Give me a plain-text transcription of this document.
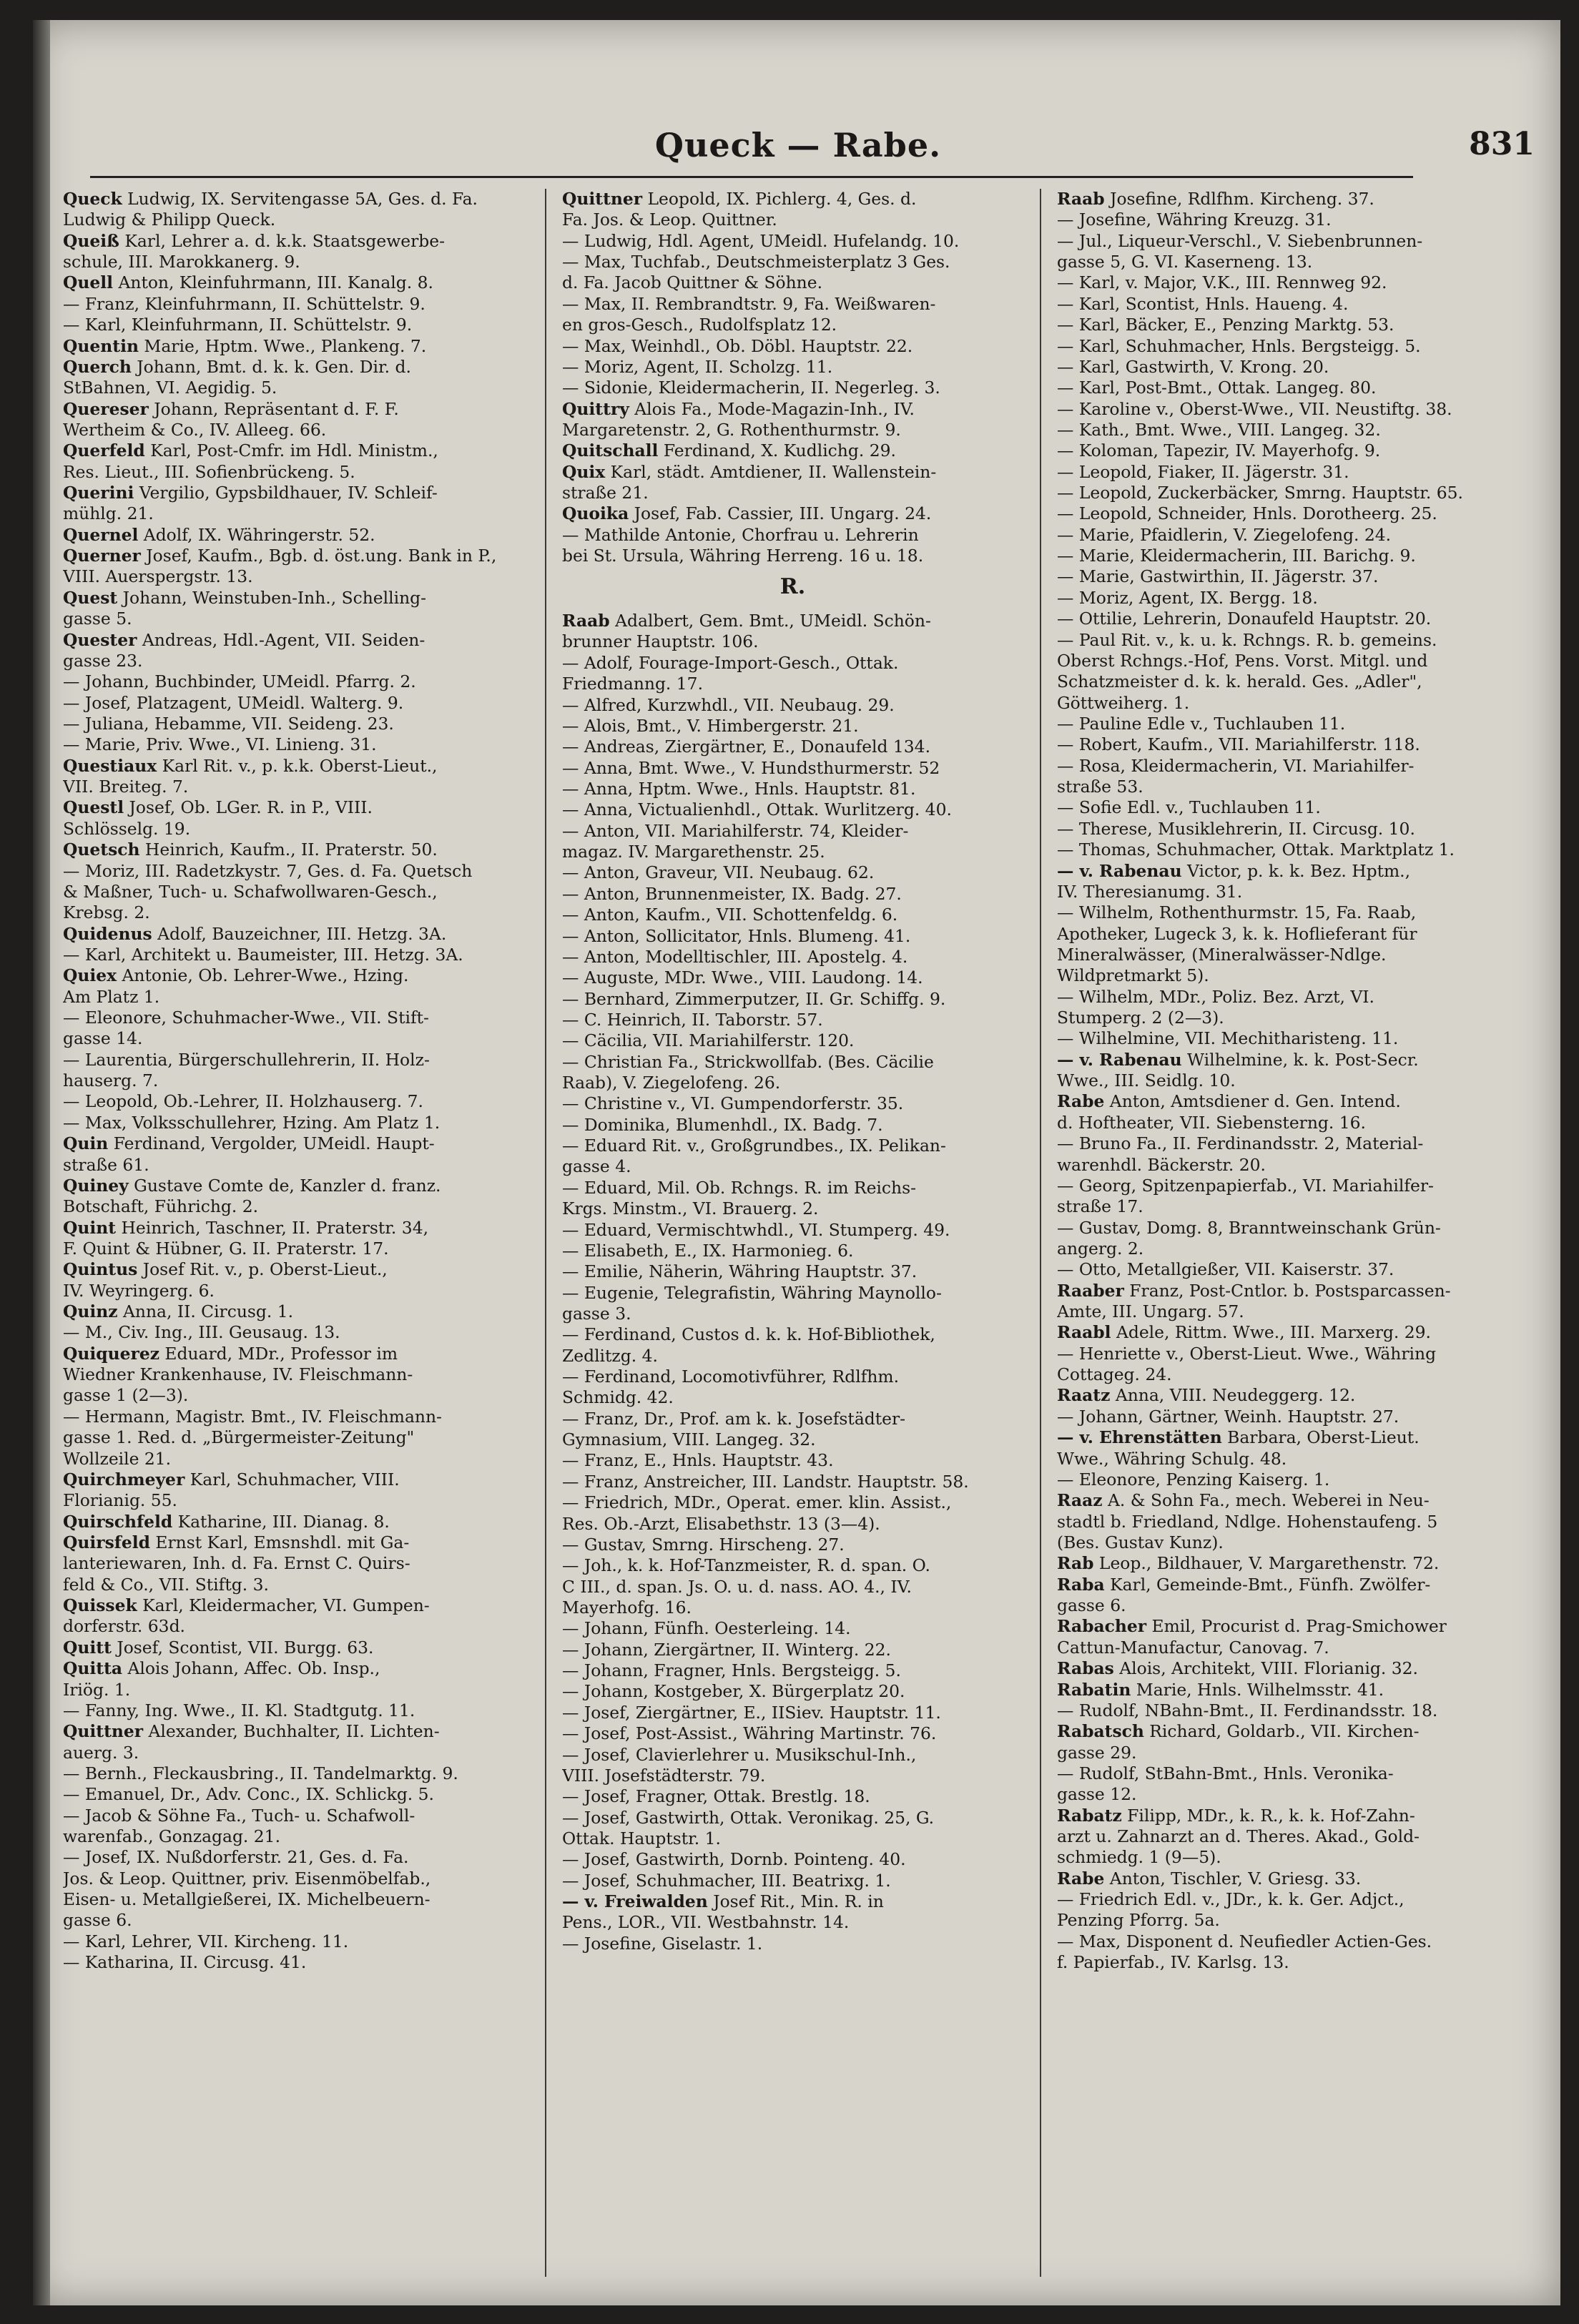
Queck — Rabe.	831
Queck Ludwig, IX. Servitengasse 5A, Ges. d. Fa.
Ludwig & Philipp Queck.
Queiß Karl, Lehrer a. d. k.k. Staatsgewerbe-
schule, III. Marokkanerg. 9.
Quell Anton, Kleinfuhrmann, III. Kanalg. 8.
— Franz, Kleinfuhrmann, II. Schüttelstr. 9.
— Karl, Kleinfuhrmann, II. Schüttelstr. 9.
Quentin Marie, Hptm. Wwe., Plankeng. 7.
Querch Johann, Bmt. d. k. k. Gen. Dir. d.
StBahnen, VI. Aegidig. 5.
Quereser Johann, Repräsentant d. F. F.
Wertheim & Co., IV. Alleeg. 66.
Querfeld Karl, Post-Cmfr. im Hdl. Ministm.,
Res. Lieut., III. Sofienbrückeng. 5.
Querini Vergilio, Gypsbildhauer, IV. Schleif-
mühlg. 21.
Quernel Adolf, IX. Währingerstr. 52.
Querner Josef, Kaufm., Bgb. d. öst.ung. Bank in P.,
VIII. Auerspergstr. 13.
Quest Johann, Weinstuben-Inh., Schelling-
gasse 5.
Quester Andreas, Hdl.-Agent, VII. Seiden-
gasse 23.
— Johann, Buchbinder, UMeidl. Pfarrg. 2.
— Josef, Platzagent, UMeidl. Walterg. 9.
— Juliana, Hebamme, VII. Seideng. 23.
— Marie, Priv. Wwe., VI. Linieng. 31.
Questiaux Karl Rit. v., p. k.k. Oberst-Lieut.,
VII. Breiteg. 7.
Questl Josef, Ob. LGer. R. in P., VIII.
Schlösselg. 19.
Quetsch Heinrich, Kaufm., II. Praterstr. 50.
— Moriz, III. Radetzkystr. 7, Ges. d. Fa. Quetsch
& Maßner, Tuch- u. Schafwollwaren-Gesch.,
Krebsg. 2.
Quidenus Adolf, Bauzeichner, III. Hetzg. 3A.
— Karl, Architekt u. Baumeister, III. Hetzg. 3A.
Quiex Antonie, Ob. Lehrer-Wwe., Hzing.
Am Platz 1.
— Eleonore, Schuhmacher-Wwe., VII. Stift-
gasse 14.
— Laurentia, Bürgerschullehrerin, II. Holz-
hauserg. 7.
— Leopold, Ob.-Lehrer, II. Holzhauserg. 7.
— Max, Volksschullehrer, Hzing. Am Platz 1.
Quin Ferdinand, Vergolder, UMeidl. Haupt-
straße 61.
Quiney Gustave Comte de, Kanzler d. franz.
Botschaft, Führichg. 2.
Quint Heinrich, Taschner, II. Praterstr. 34,
F. Quint & Hübner, G. II. Praterstr. 17.
Quintus Josef Rit. v., p. Oberst-Lieut.,
IV. Weyringerg. 6.
Quinz Anna, II. Circusg. 1.
— M., Civ. Ing., III. Geusaug. 13.
Quiquerez Eduard, MDr., Professor im
Wiedner Krankenhause, IV. Fleischmann-
gasse 1 (2—3).
— Hermann, Magistr. Bmt., IV. Fleischmann-
gasse 1. Red. d. „Bürgermeister-Zeitung"
Wollzeile 21.
Quirchmeyer Karl, Schuhmacher, VIII.
Florianig. 55.
Quirschfeld Katharine, III. Dianag. 8.
Quirsfeld Ernst Karl, Emsnshdl. mit Ga-
lanteriewaren, Inh. d. Fa. Ernst C. Quirs-
feld & Co., VII. Stiftg. 3.
Quissek Karl, Kleidermacher, VI. Gumpen-
dorferstr. 63d.
Quitt Josef, Scontist, VII. Burgg. 63.
Quitta Alois Johann, Affec. Ob. Insp.,
Iriög. 1.
— Fanny, Ing. Wwe., II. Kl. Stadtgutg. 11.
Quittner Alexander, Buchhalter, II. Lichten-
auerg. 3.
— Bernh., Fleckausbring., II. Tandelmarktg. 9.
— Emanuel, Dr., Adv. Conc., IX. Schlickg. 5.
— Jacob & Söhne Fa., Tuch- u. Schafwoll-
warenfab., Gonzagag. 21.
— Josef, IX. Nußdorferstr. 21, Ges. d. Fa.
Jos. & Leop. Quittner, priv. Eisenmöbelfab.,
Eisen- u. Metallgießerei, IX. Michelbeuern-
gasse 6.
— Karl, Lehrer, VII. Kircheng. 11.
— Katharina, II. Circusg. 41.
Quittner Leopold, IX. Pichlerg. 4, Ges. d.
Fa. Jos. & Leop. Quittner.
— Ludwig, Hdl. Agent, UMeidl. Hufelandg. 10.
— Max, Tuchfab., Deutschmeisterplatz 3 Ges.
d. Fa. Jacob Quittner & Söhne.
— Max, II. Rembrandtstr. 9, Fa. Weißwaren-
en gros-Gesch., Rudolfsplatz 12.
— Max, Weinhdl., Ob. Döbl. Hauptstr. 22.
— Moriz, Agent, II. Scholzg. 11.
— Sidonie, Kleidermacherin, II. Negerleg. 3.
Quittry Alois Fa., Mode-Magazin-Inh., IV.
Margaretenstr. 2, G. Rothenthurmstr. 9.
Quitschall Ferdinand, X. Kudlichg. 29.
Quix Karl, städt. Amtdiener, II. Wallenstein-
straße 21.
Quoika Josef, Fab. Cassier, III. Ungarg. 24.
— Mathilde Antonie, Chorfrau u. Lehrerin
bei St. Ursula, Währing Herreng. 16 u. 18.
R.
Raab Adalbert, Gem. Bmt., UMeidl. Schön-
brunner Hauptstr. 106.
— Adolf, Fourage-Import-Gesch., Ottak.
Friedmanng. 17.
— Alfred, Kurzwhdl., VII. Neubaug. 29.
— Alois, Bmt., V. Himbergerstr. 21.
— Andreas, Ziergärtner, E., Donaufeld 134.
— Anna, Bmt. Wwe., V. Hundsthurmerstr. 52
— Anna, Hptm. Wwe., Hnls. Hauptstr. 81.
— Anna, Victualienhdl., Ottak. Wurlitzerg. 40.
— Anton, VII. Mariahilferstr. 74, Kleider-
magaz. IV. Margarethenstr. 25.
— Anton, Graveur, VII. Neubaug. 62.
— Anton, Brunnenmeister, IX. Badg. 27.
— Anton, Kaufm., VII. Schottenfeldg. 6.
— Anton, Sollicitator, Hnls. Blumeng. 41.
— Anton, Modelltischler, III. Apostelg. 4.
— Auguste, MDr. Wwe., VIII. Laudong. 14.
— Bernhard, Zimmerputzer, II. Gr. Schiffg. 9.
— C. Heinrich, II. Taborstr. 57.
— Cäcilia, VII. Mariahilferstr. 120.
— Christian Fa., Strickwollfab. (Bes. Cäcilie
Raab), V. Ziegelofeng. 26.
— Christine v., VI. Gumpendorferstr. 35.
— Dominika, Blumenhdl., IX. Badg. 7.
— Eduard Rit. v., Großgrundbes., IX. Pelikan-
gasse 4.
— Eduard, Mil. Ob. Rchngs. R. im Reichs-
Krgs. Minstm., VI. Brauerg. 2.
— Eduard, Vermischtwhdl., VI. Stumperg. 49.
— Elisabeth, E., IX. Harmonieg. 6.
— Emilie, Näherin, Währing Hauptstr. 37.
— Eugenie, Telegrafistin, Währing Maynollo-
gasse 3.
— Ferdinand, Custos d. k. k. Hof-Bibliothek,
Zedlitzg. 4.
— Ferdinand, Locomotivführer, Rdlfhm.
Schmidg. 42.
— Franz, Dr., Prof. am k. k. Josefstädter-
Gymnasium, VIII. Langeg. 32.
— Franz, E., Hnls. Hauptstr. 43.
— Franz, Anstreicher, III. Landstr. Hauptstr. 58.
— Friedrich, MDr., Operat. emer. klin. Assist.,
Res. Ob.-Arzt, Elisabethstr. 13 (3—4).
— Gustav, Smrng. Hirscheng. 27.
— Joh., k. k. Hof-Tanzmeister, R. d. span. O.
C III., d. span. Js. O. u. d. nass. AO. 4., IV.
Mayerhofg. 16.
— Johann, Fünfh. Oesterleing. 14.
— Johann, Ziergärtner, II. Winterg. 22.
— Johann, Fragner, Hnls. Bergsteigg. 5.
— Johann, Kostgeber, X. Bürgerplatz 20.
— Josef, Ziergärtner, E., IISiev. Hauptstr. 11.
— Josef, Post-Assist., Währing Martinstr. 76.
— Josef, Clavierlehrer u. Musikschul-Inh.,
VIII. Josefstädterstr. 79.
— Josef, Fragner, Ottak. Brestlg. 18.
— Josef, Gastwirth, Ottak. Veronikag. 25, G.
Ottak. Hauptstr. 1.
— Josef, Gastwirth, Dornb. Pointeng. 40.
— Josef, Schuhmacher, III. Beatrixg. 1.
— v. Freiwalden Josef Rit., Min. R. in
Pens., LOR., VII. Westbahnstr. 14.
— Josefine, Giselastr. 1.
Raab Josefine, Rdlfhm. Kircheng. 37.
— Josefine, Währing Kreuzg. 31.
— Jul., Liqueur-Verschl., V. Siebenbrunnen-
gasse 5, G. VI. Kaserneng. 13.
— Karl, v. Major, V.K., III. Rennweg 92.
— Karl, Scontist, Hnls. Haueng. 4.
— Karl, Bäcker, E., Penzing Marktg. 53.
— Karl, Schuhmacher, Hnls. Bergsteigg. 5.
— Karl, Gastwirth, V. Krong. 20.
— Karl, Post-Bmt., Ottak. Langeg. 80.
— Karoline v., Oberst-Wwe., VII. Neustiftg. 38.
— Kath., Bmt. Wwe., VIII. Langeg. 32.
— Koloman, Tapezir, IV. Mayerhofg. 9.
— Leopold, Fiaker, II. Jägerstr. 31.
— Leopold, Zuckerbäcker, Smrng. Hauptstr. 65.
— Leopold, Schneider, Hnls. Dorotheerg. 25.
— Marie, Pfaidlerin, V. Ziegelofeng. 24.
— Marie, Kleidermacherin, III. Barichg. 9.
— Marie, Gastwirthin, II. Jägerstr. 37.
— Moriz, Agent, IX. Bergg. 18.
— Ottilie, Lehrerin, Donaufeld Hauptstr. 20.
— Paul Rit. v., k. u. k. Rchngs. R. b. gemeins.
Oberst Rchngs.-Hof, Pens. Vorst. Mitgl. und
Schatzmeister d. k. k. herald. Ges. „Adler",
Göttweiherg. 1.
— Pauline Edle v., Tuchlauben 11.
— Robert, Kaufm., VII. Mariahilferstr. 118.
— Rosa, Kleidermacherin, VI. Mariahilfer-
straße 53.
— Sofie Edl. v., Tuchlauben 11.
— Therese, Musiklehrerin, II. Circusg. 10.
— Thomas, Schuhmacher, Ottak. Marktplatz 1.
— v. Rabenau Victor, p. k. k. Bez. Hptm.,
IV. Theresianumg. 31.
— Wilhelm, Rothenthurmstr. 15, Fa. Raab,
Apotheker, Lugeck 3, k. k. Hoflieferant für
Mineralwässer, (Mineralwässer-Ndlge.
Wildpretmarkt 5).
— Wilhelm, MDr., Poliz. Bez. Arzt, VI.
Stumperg. 2 (2—3).
— Wilhelmine, VII. Mechitharisteng. 11.
— v. Rabenau Wilhelmine, k. k. Post-Secr.
Wwe., III. Seidlg. 10.
Rabe Anton, Amtsdiener d. Gen. Intend.
d. Hoftheater, VII. Siebensterng. 16.
— Bruno Fa., II. Ferdinandsstr. 2, Material-
warenhdl. Bäckerstr. 20.
— Georg, Spitzenpapierfab., VI. Mariahilfer-
straße 17.
— Gustav, Domg. 8, Branntweinschank Grün-
angerg. 2.
— Otto, Metallgießer, VII. Kaiserstr. 37.
Raaber Franz, Post-Cntlor. b. Postsparcassen-
Amte, III. Ungarg. 57.
Raabl Adele, Rittm. Wwe., III. Marxerg. 29.
— Henriette v., Oberst-Lieut. Wwe., Währing
Cottageg. 24.
Raatz Anna, VIII. Neudeggerg. 12.
— Johann, Gärtner, Weinh. Hauptstr. 27.
— v. Ehrenstätten Barbara, Oberst-Lieut.
Wwe., Währing Schulg. 48.
— Eleonore, Penzing Kaiserg. 1.
Raaz A. & Sohn Fa., mech. Weberei in Neu-
stadtl b. Friedland, Ndlge. Hohenstaufeng. 5
(Bes. Gustav Kunz).
Rab Leop., Bildhauer, V. Margarethenstr. 72.
Raba Karl, Gemeinde-Bmt., Fünfh. Zwölfer-
gasse 6.
Rabacher Emil, Procurist d. Prag-Smichower
Cattun-Manufactur, Canovag. 7.
Rabas Alois, Architekt, VIII. Florianig. 32.
Rabatin Marie, Hnls. Wilhelmsstr. 41.
— Rudolf, NBahn-Bmt., II. Ferdinandsstr. 18.
Rabatsch Richard, Goldarb., VII. Kirchen-
gasse 29.
— Rudolf, StBahn-Bmt., Hnls. Veronika-
gasse 12.
Rabatz Filipp, MDr., k. R., k. k. Hof-Zahn-
arzt u. Zahnarzt an d. Theres. Akad., Gold-
schmiedg. 1 (9—5).
Rabe Anton, Tischler, V. Griesg. 33.
— Friedrich Edl. v., JDr., k. k. Ger. Adjct.,
Penzing Pforrg. 5a.
— Max, Disponent d. Neufiedler Actien-Ges.
f. Papierfab., IV. Karlsg. 13.
